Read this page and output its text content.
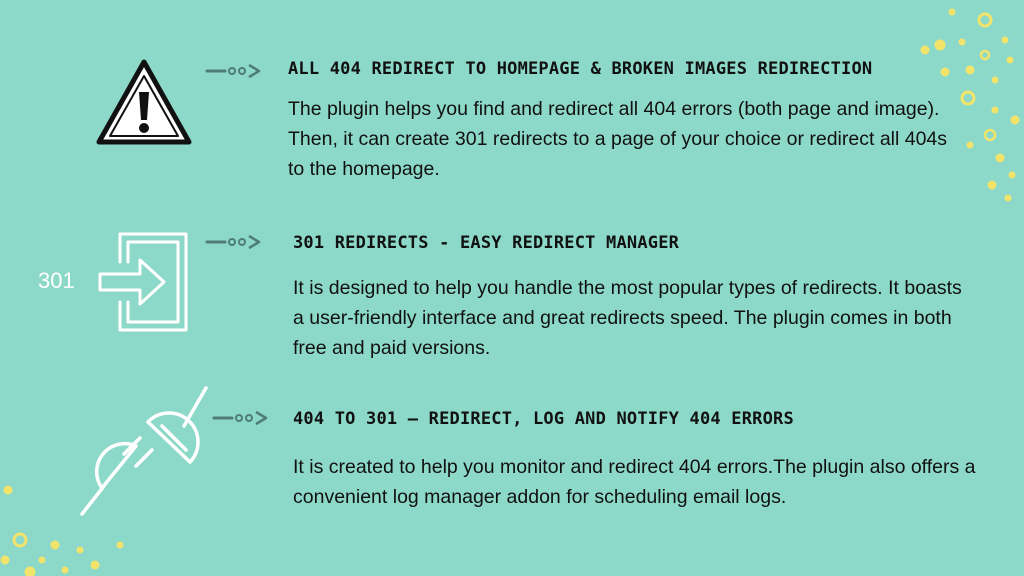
ALL 404 REDIRECT TO HOMEPAGE & BROKEN IMAGES REDIRECTION
The plugin helps you find and redirect all 404 errors (both page and image). Then, it can create 301 redirects to a page of your choice or redirect all 404s to the homepage.
301
301 REDIRECTS - EASY REDIRECT MANAGER
It is designed to help you handle the most popular types of redirects. It boasts a user-friendly interface and great redirects speed. The plugin comes in both free and paid versions.
404 TO 301 – REDIRECT, LOG AND NOTIFY 404 ERRORS
It is created to help you monitor and redirect 404 errors.The plugin also offers a convenient log manager addon for scheduling email logs.
